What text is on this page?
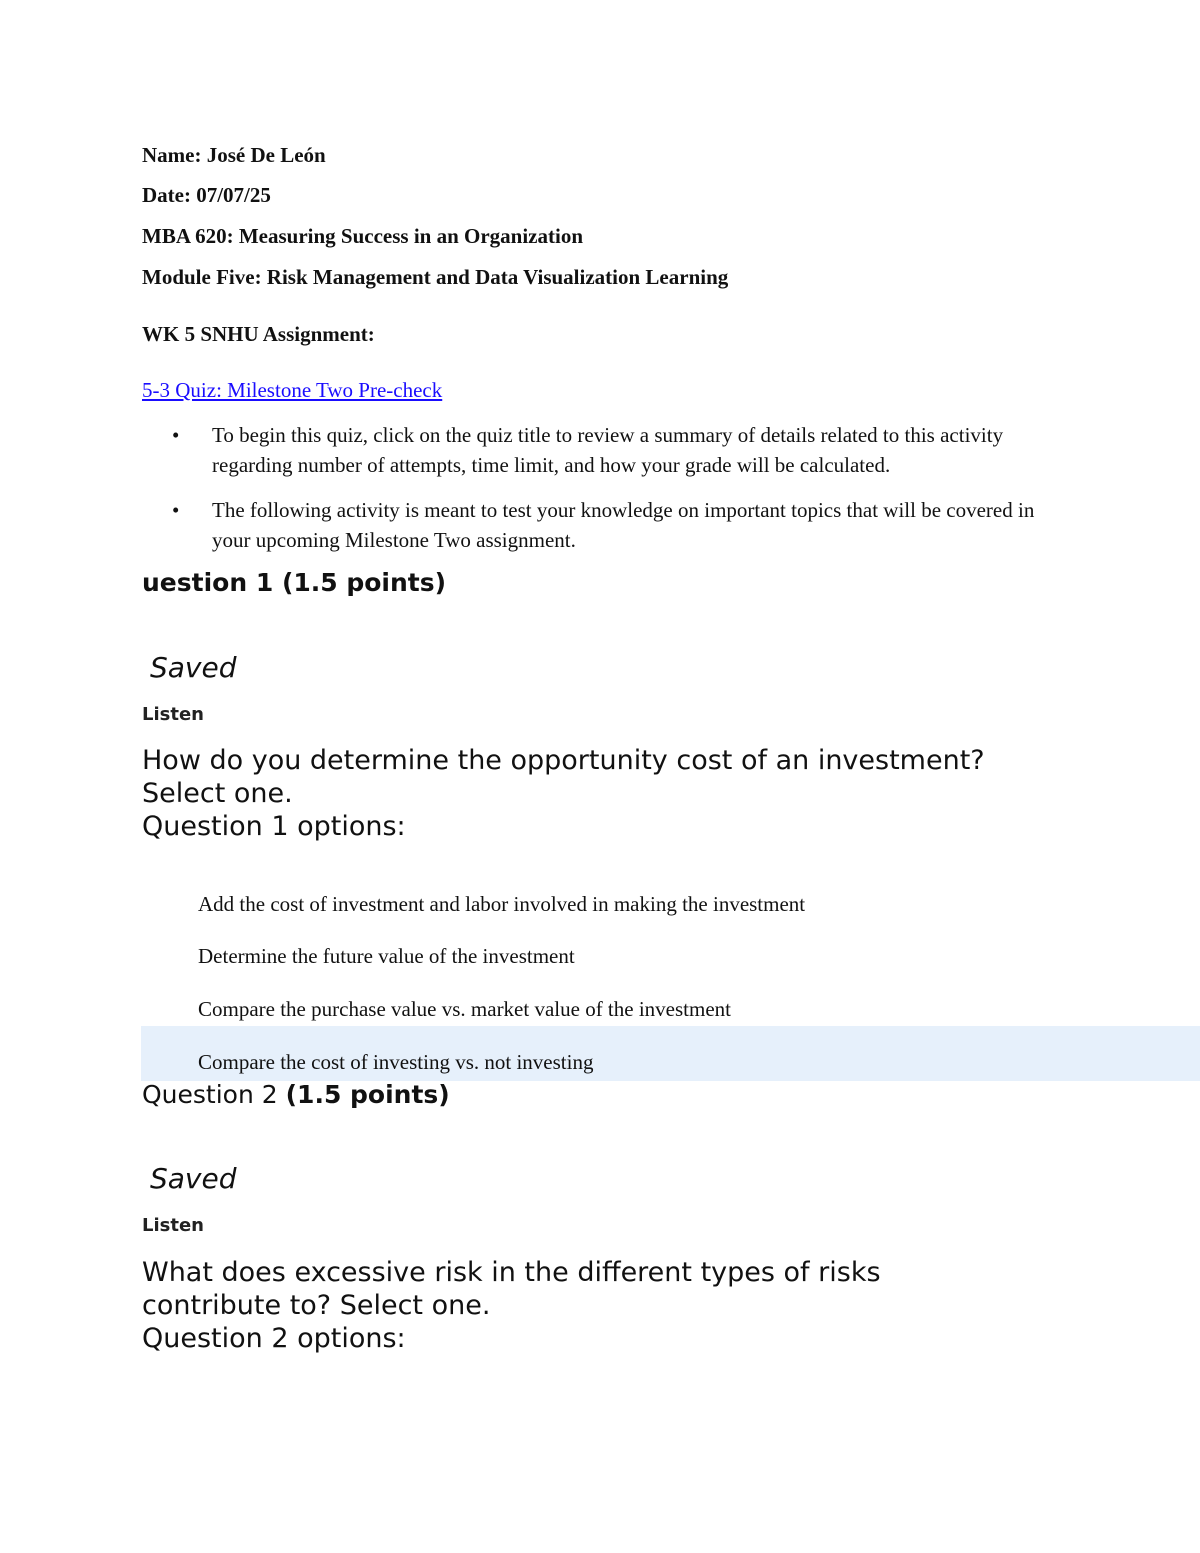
Name: José De León
Date: 07/07/25
MBA 620: Measuring Success in an Organization
Module Five: Risk Management and Data Visualization Learning
WK 5 SNHU Assignment:
5-3 Quiz: Milestone Two Pre-check
• To begin this quiz, click on the quiz title to review a summary of details related to this activity regarding number of attempts, time limit, and how your grade will be calculated.
• The following activity is meant to test your knowledge on important topics that will be covered in your upcoming Milestone Two assignment.
uestion 1 (1.5 points)
Saved
Listen
How do you determine the opportunity cost of an investment?
Select one.
Question 1 options:
Add the cost of investment and labor involved in making the investment
Determine the future value of the investment
Compare the purchase value vs. market value of the investment
Compare the cost of investing vs. not investing
Question 2 (1.5 points)
Saved
Listen
What does excessive risk in the different types of risks
contribute to? Select one.
Question 2 options:
